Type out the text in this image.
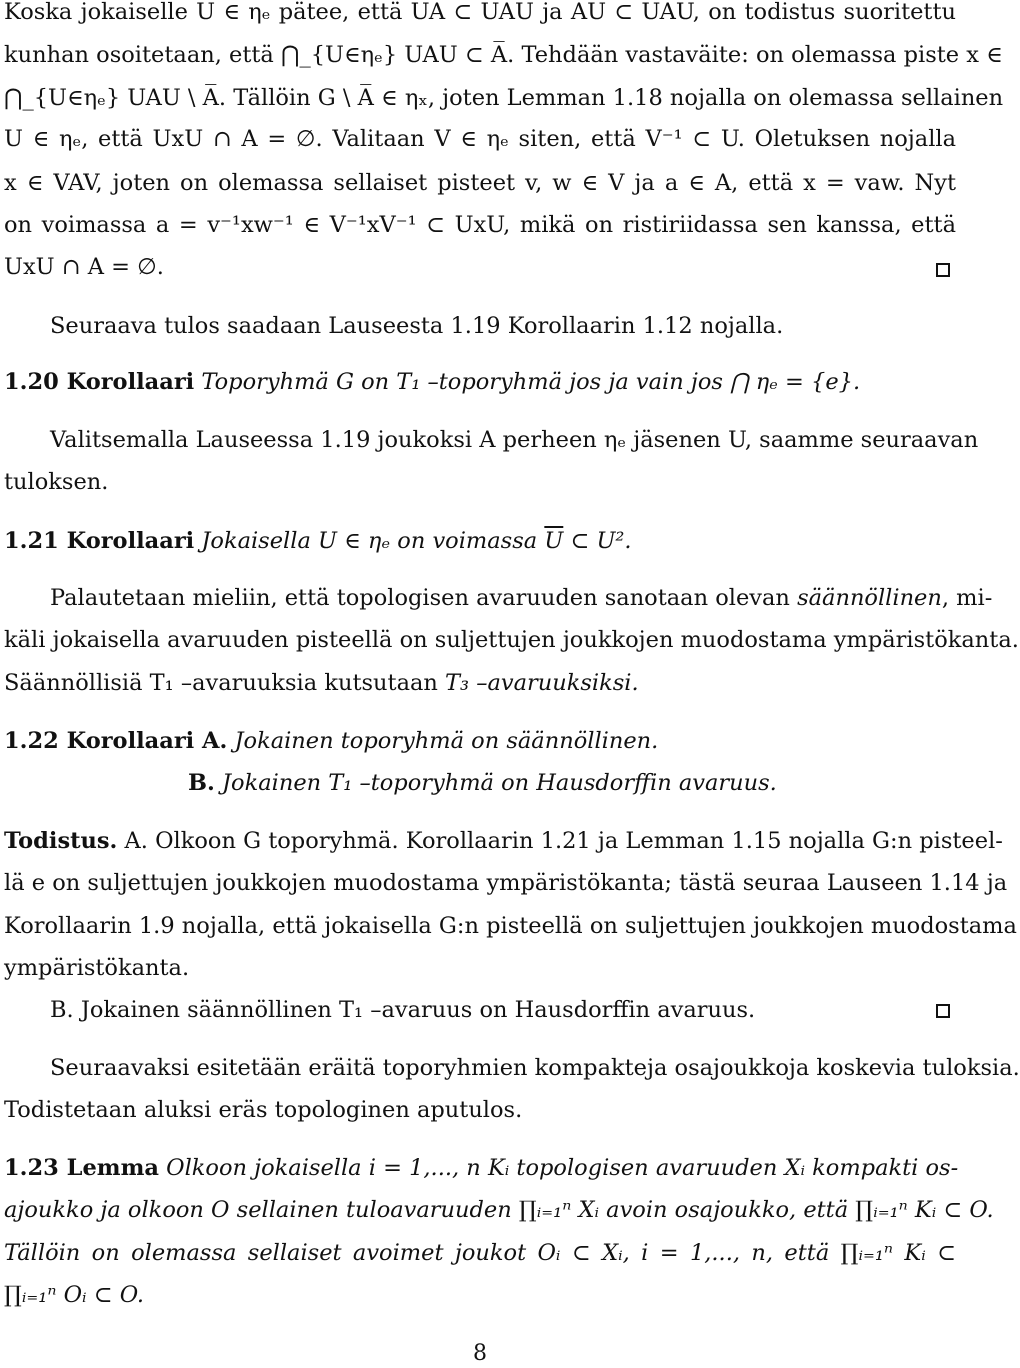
Koska jokaiselle U ∈ ηₑ pätee, että UA ⊂ UAU ja AU ⊂ UAU, on todistus suoritettu
kunhan osoitetaan, että ⋂_{U∈ηₑ} UAU ⊂ A̅. Tehdään vastaväite: on olemassa piste x ∈
⋂_{U∈ηₑ} UAU \ A̅. Tällöin G \ A̅ ∈ ηₓ, joten Lemman 1.18 nojalla on olemassa sellainen
U ∈ ηₑ, että UxU ∩ A = ∅. Valitaan V ∈ ηₑ siten, että V⁻¹ ⊂ U. Oletuksen nojalla
x ∈ VAV, joten on olemassa sellaiset pisteet v, w ∈ V ja a ∈ A, että x = vaw. Nyt
on voimassa a = v⁻¹xw⁻¹ ∈ V⁻¹xV⁻¹ ⊂ UxU, mikä on ristiriidassa sen kanssa, että
UxU ∩ A = ∅.
Seuraava tulos saadaan Lauseesta 1.19 Korollaarin 1.12 nojalla.
1.20 Korollaari Toporyhmä G on T₁ –toporyhmä jos ja vain jos ⋂ ηₑ = {e}.
Valitsemalla Lauseessa 1.19 joukoksi A perheen ηₑ jäsenen U, saamme seuraavan
tuloksen.
1.21 Korollaari Jokaisella U ∈ ηₑ on voimassa $\overline{U}$ ⊂ U².
Palautetaan mieliin, että topologisen avaruuden sanotaan olevan säännöllinen, mi-
käli jokaisella avaruuden pisteellä on suljettujen joukkojen muodostama ympäristökanta.
Säännöllisiä T₁ –avaruuksia kutsutaan T₃ –avaruuksiksi.
1.22 Korollaari A. Jokainen toporyhmä on säännöllinen.
B. Jokainen T₁ –toporyhmä on Hausdorffin avaruus.
Todistus. A. Olkoon G toporyhmä. Korollaarin 1.21 ja Lemman 1.15 nojalla G:n pisteel-
lä e on suljettujen joukkojen muodostama ympäristökanta; tästä seuraa Lauseen 1.14 ja
Korollaarin 1.9 nojalla, että jokaisella G:n pisteellä on suljettujen joukkojen muodostama
ympäristökanta.
B. Jokainen säännöllinen T₁ –avaruus on Hausdorffin avaruus.
Seuraavaksi esitetään eräitä toporyhmien kompakteja osajoukkoja koskevia tuloksia.
Todistetaan aluksi eräs topologinen aputulos.
1.23 Lemma Olkoon jokaisella i = 1,..., n Kᵢ topologisen avaruuden Xᵢ kompakti os-
ajoukko ja olkoon O sellainen tuloavaruuden ∏ᵢ₌₁ⁿ Xᵢ avoin osajoukko, että ∏ᵢ₌₁ⁿ Kᵢ ⊂ O.
Tällöin on olemassa sellaiset avoimet joukot Oᵢ ⊂ Xᵢ, i = 1,..., n, että ∏ᵢ₌₁ⁿ Kᵢ ⊂
∏ᵢ₌₁ⁿ Oᵢ ⊂ O.
8
